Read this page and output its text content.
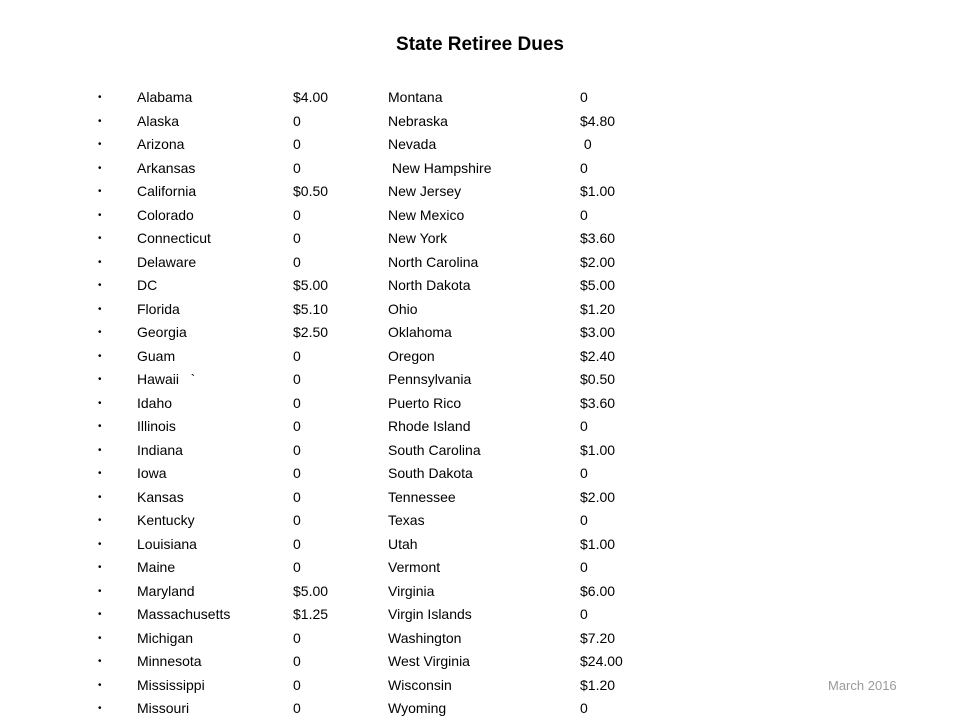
State Retiree Dues
•	Alabama	$4.00	Montana	0
•	Alaska	0	Nebraska	$4.80
•	Arizona	0	Nevada	0
•	Arkansas	0	New Hampshire	0
•	California	$0.50	New Jersey	$1.00
•	Colorado	0	New Mexico	0
•	Connecticut	0	New York	$3.60
•	Delaware	0	North Carolina	$2.00
•	DC	$5.00	North Dakota	$5.00
•	Florida	$5.10	Ohio	$1.20
•	Georgia	$2.50	Oklahoma	$3.00
•	Guam	0	Oregon	$2.40
•	Hawaii   `	0	Pennsylvania	$0.50
•	Idaho	0	Puerto Rico	$3.60
•	Illinois	0	Rhode Island	0
•	Indiana	0	South Carolina	$1.00
•	Iowa	0	South Dakota	0
•	Kansas	0	Tennessee	$2.00
•	Kentucky	0	Texas	0
•	Louisiana	0	Utah	$1.00
•	Maine	0	Vermont	0
•	Maryland	$5.00	Virginia	$6.00
•	Massachusetts	$1.25	Virgin Islands	0
•	Michigan	0	Washington	$7.20
•	Minnesota	0	West Virginia	$24.00
•	Mississippi	0	Wisconsin	$1.20
•	Missouri	0	Wyoming	0
March 2016
